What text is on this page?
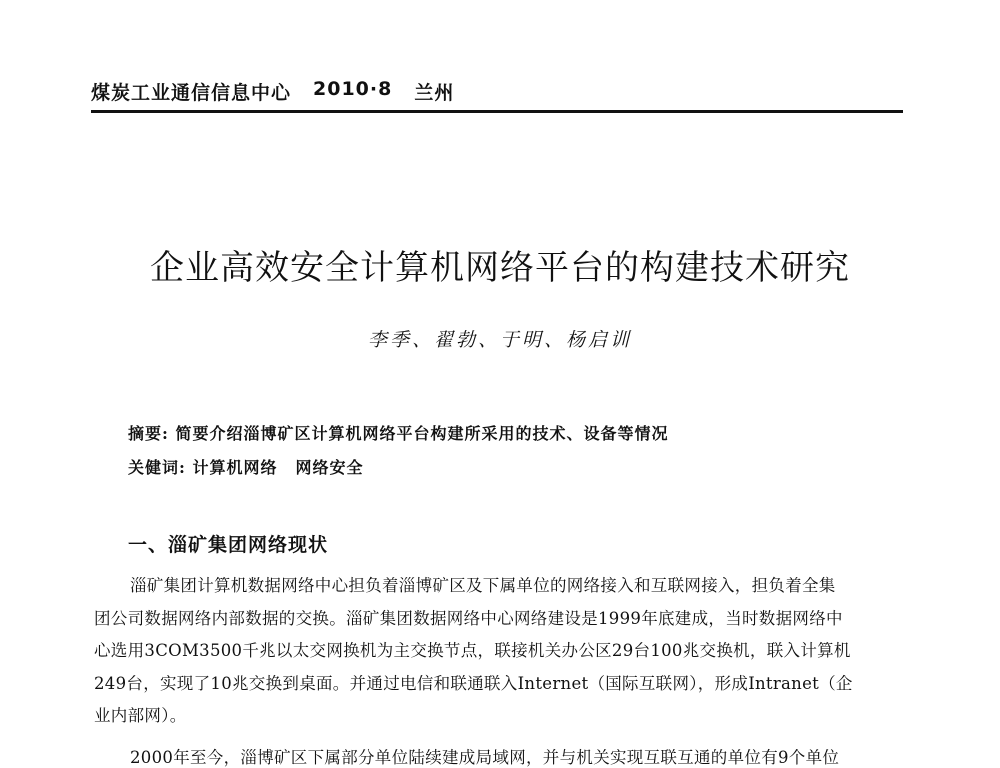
煤炭工业通信信息中心 2010·8 兰州
企业高效安全计算机网络平台的构建技术研究
李季、翟勃、于明、杨启训
摘要: 简要介绍淄博矿区计算机网络平台构建所采用的技术、设备等情况
关健词: 计算机网络 网络安全
一、淄矿集团网络现状
淄矿集团计算机数据网络中心担负着淄博矿区及下属单位的网络接入和互联网接入，担负着全集
团公司数据网络内部数据的交换。淄矿集团数据网络中心网络建设是1999年底建成，当时数据网络中
心选用3COM3500千兆以太交网换机为主交换节点，联接机关办公区29台100兆交换机，联入计算机
249台，实现了10兆交换到桌面。并通过电信和联通联入Internet（国际互联网），形成Intranet（企
业内部网）。
2000年至今，淄博矿区下属部分单位陆续建成局域网，并与机关实现互联互通的单位有9个单位
